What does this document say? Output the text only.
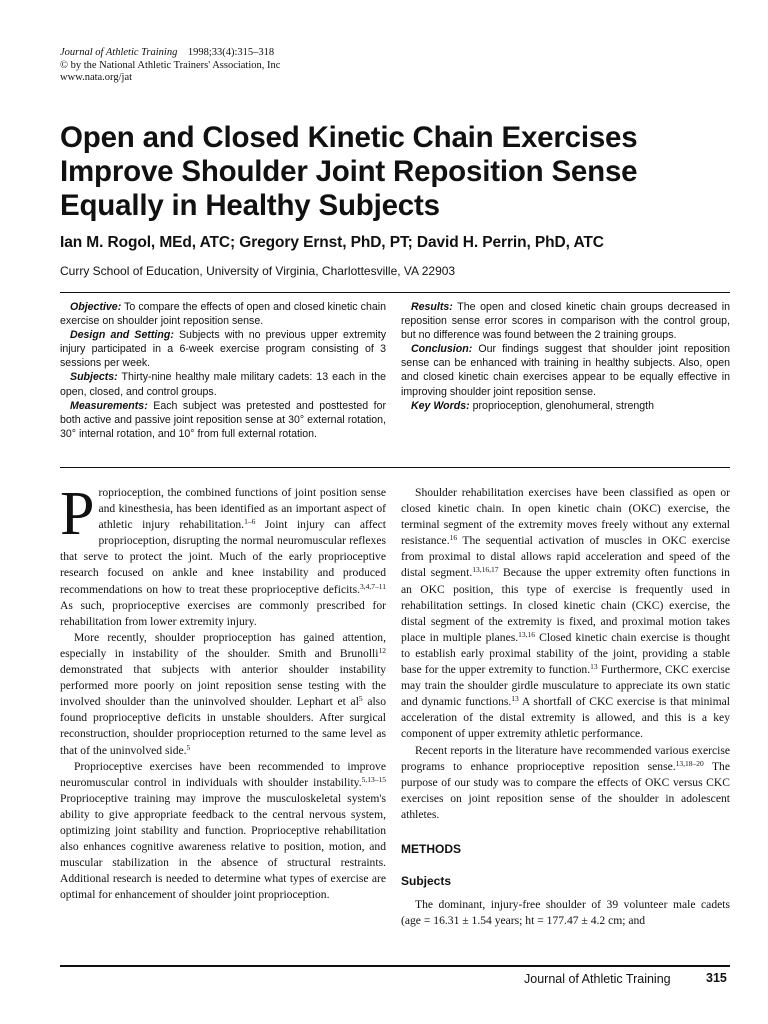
Journal of Athletic Training 1998;33(4):315–318
© by the National Athletic Trainers' Association, Inc
www.nata.org/jat
Open and Closed Kinetic Chain Exercises
Improve Shoulder Joint Reposition Sense
Equally in Healthy Subjects
Ian M. Rogol, MEd, ATC; Gregory Ernst, PhD, PT; David H. Perrin, PhD, ATC
Curry School of Education, University of Virginia, Charlottesville, VA 22903

Objective: To compare the effects of open and closed kinetic chain exercise on shoulder joint reposition sense.

Design and Setting: Subjects with no previous upper extremity injury participated in a 6-week exercise program consisting of 3 sessions per week.

Subjects: Thirty-nine healthy male military cadets: 13 each in the open, closed, and control groups.

Measurements: Each subject was pretested and posttested for both active and passive joint reposition sense at 30° external rotation, 30° internal rotation, and 10° from full external rotation.

Results: The open and closed kinetic chain groups decreased in reposition sense error scores in comparison with the control group, but no difference was found between the 2 training groups.

Conclusion: Our findings suggest that shoulder joint reposition sense can be enhanced with training in healthy subjects. Also, open and closed kinetic chain exercises appear to be equally effective in improving shoulder joint reposition sense.

Key Words: proprioception, glenohumeral, strength

Proprioception, the combined functions of joint position sense and kinesthesia, has been identified as an important aspect of athletic injury rehabilitation.$^{1-6}$ Joint injury can affect proprioception, disrupting the normal neuromuscular reflexes that serve to protect the joint. Much of the early proprioceptive research focused on ankle and knee instability and produced recommendations on how to treat these proprioceptive deficits.$^{3,4,7-11}$ As such, proprioceptive exercises are commonly prescribed for rehabilitation from lower extremity injury.

More recently, shoulder proprioception has gained attention, especially in instability of the shoulder. Smith and Brunolli$^{12}$ demonstrated that subjects with anterior shoulder instability performed more poorly on joint reposition sense testing with the involved shoulder than the uninvolved shoulder. Lephart et $al^5$ also found proprioceptive deficits in unstable shoulders. After surgical reconstruction, shoulder proprioception returned to the same level as that of the uninvolved side.$^5$

Proprioceptive exercises have been recommended to improve neuromuscular control in individuals with shoulder instability.$^{5,13-15}$ Proprioceptive training may improve the musculoskeletal system's ability to give appropriate feedback to the central nervous system, optimizing joint stability and function. Proprioceptive rehabilitation also enhances cognitive awareness relative to position, motion, and muscular stabilization in the absence of structural restraints. Additional research is needed to determine what types of exercise are optimal for enhancement of shoulder joint proprioception.

Shoulder rehabilitation exercises have been classified as open or closed kinetic chain. In open kinetic chain (OKC) exercise, the terminal segment of the extremity moves freely without any external resistance.$^{16}$ The sequential activation of muscles in OKC exercise from proximal to distal allows rapid acceleration and speed of the distal segment.$^{13,16,17}$ Because the upper extremity often functions in an OKC position, this type of exercise is frequently used in rehabilitation settings. In closed kinetic chain (CKC) exercise, the distal segment of the extremity is fixed, and proximal motion takes place in multiple planes.$^{13,16}$ Closed kinetic chain exercise is thought to establish early proximal stability of the joint, providing a stable base for the upper extremity to function.$^{13}$ Furthermore, CKC exercise may train the shoulder girdle musculature to appreciate its own static and dynamic functions.$^{13}$ A shortfall of CKC exercise is that minimal acceleration of the distal extremity is allowed, and this is a key component of upper extremity athletic performance.

Recent reports in the literature have recommended various exercise programs to enhance proprioceptive reposition sense.$^{13,18-20}$ The purpose of our study was to compare the effects of OKC versus CKC exercises on joint reposition sense of the shoulder in adolescent athletes.

METHODS
Subjects

The dominant, injury-free shoulder of 39 volunteer male cadets (age = 16.31 ± 1.54 years; ht = 177.47 ± 4.2 cm; and

Journal of Athletic Training	315
